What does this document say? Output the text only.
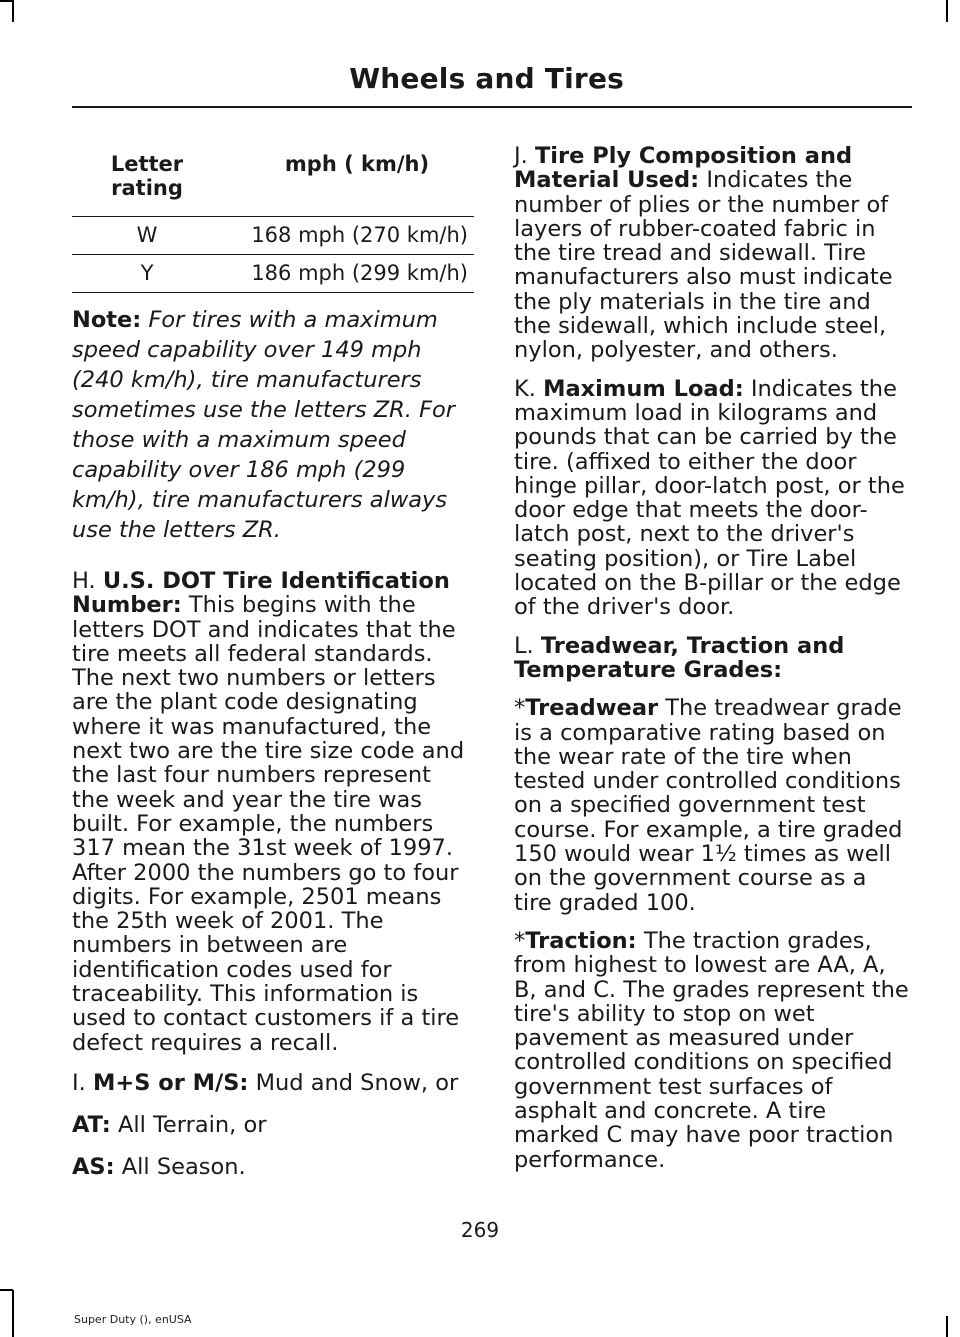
Wheels and Tires
Letter rating	mph ( km/h)
W	168 mph (270 km/h)
Y	186 mph (299 km/h)

Note: For tires with a maximum speed capability over 149 mph (240 km/h), tire manufacturers sometimes use the letters ZR. For those with a maximum speed capability over 186 mph (299 km/h), tire manufacturers always use the letters ZR.

H. U.S. DOT Tire Identification Number: This begins with the letters DOT and indicates that the tire meets all federal standards. The next two numbers or letters are the plant code designating where it was manufactured, the next two are the tire size code and the last four numbers represent the week and year the tire was built. For example, the numbers 317 mean the 31st week of 1997. After 2000 the numbers go to four digits. For example, 2501 means the 25th week of 2001. The numbers in between are identification codes used for traceability. This information is used to contact customers if a tire defect requires a recall.

I. M+S or M/S: Mud and Snow, or

AT: All Terrain, or

AS: All Season.

J. Tire Ply Composition and Material Used: Indicates the number of plies or the number of layers of rubber-coated fabric in the tire tread and sidewall. Tire manufacturers also must indicate the ply materials in the tire and the sidewall, which include steel, nylon, polyester, and others.

K. Maximum Load: Indicates the maximum load in kilograms and pounds that can be carried by the tire. (affixed to either the door hinge pillar, door-latch post, or the door edge that meets the door-latch post, next to the driver's seating position), or Tire Label located on the B-pillar or the edge of the driver's door.

L. Treadwear, Traction and Temperature Grades:

*Treadwear The treadwear grade is a comparative rating based on the wear rate of the tire when tested under controlled conditions on a specified government test course. For example, a tire graded 150 would wear 1½ times as well on the government course as a tire graded 100.

*Traction: The traction grades, from highest to lowest are AA, A, B, and C. The grades represent the tire's ability to stop on wet pavement as measured under controlled conditions on specified government test surfaces of asphalt and concrete. A tire marked C may have poor traction performance.

269
Super Duty (), enUSA
